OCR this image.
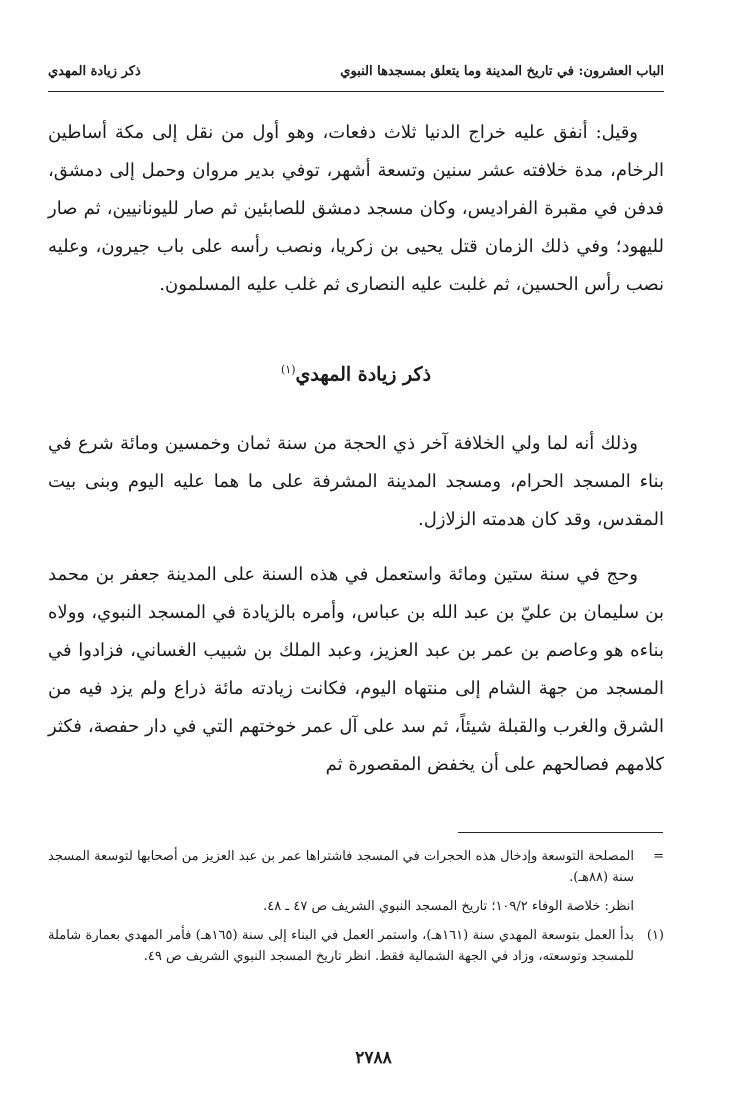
الباب العشرون: في تاريخ المدينة وما يتعلق بمسجدها النبوي
ذكر زيادة المهدي

وقيل: أنفق عليه خراج الدنيا ثلاث دفعات، وهو أول من نقل إلى مكة أساطين الرخام، مدة خلافته عشر سنين وتسعة أشهر، توفي بدير مروان وحمل إلى دمشق، فدفن في مقبرة الفراديس، وكان مسجد دمشق للصابئين ثم صار لليونانيين، ثم صار لليهود؛ وفي ذلك الزمان قتل يحيى بن زكريا، ونصب رأسه على باب جيرون، وعليه نصب رأس الحسين، ثم غلبت عليه النصارى ثم غلب عليه المسلمون.

ذكر زيادة المهدي$^{(١)}$

وذلك أنه لما ولي الخلافة آخر ذي الحجة من سنة ثمان وخمسين ومائة شرع في بناء المسجد الحرام، ومسجد المدينة المشرفة على ما هما عليه اليوم وبنى بيت المقدس، وقد كان هدمته الزلازل.

وحج في سنة ستين ومائة واستعمل في هذه السنة على المدينة جعفر بن محمد بن سليمان بن عليّ بن عبد الله بن عباس، وأمره بالزيادة في المسجد النبوي، وولاه بناءه هو وعاصم بن عمر بن عبد العزيز، وعبد الملك بن شبيب الغساني، فزادوا في المسجد من جهة الشام إلى منتهاه اليوم، فكانت زيادته مائة ذراع ولم يزد فيه من الشرق والغرب والقبلة شيئاً، ثم سد على آل عمر خوختهم التي في دار حفصة، فكثر كلامهم فصالحهم على أن يخفض المقصورة ثم

=
المصلحة التوسعة وإدخال هذه الحجرات في المسجد فاشتراها عمر بن عبد العزيز من أصحابها لتوسعة المسجد سنة (٨٨هـ).
انظر: خلاصة الوفاء ١٠٩/٢؛ تاريخ المسجد النبوي الشريف ص ٤٧ ـ ٤٨.
(١)
بدأ العمل بتوسعة المهدي سنة (١٦١هـ)، واستمر العمل في البناء إلى سنة (١٦٥هـ) فأمر المهدي بعمارة شاملة للمسجد وتوسعته، وزاد في الجهة الشمالية فقط. انظر تاريخ المسجد النبوي الشريف ص ٤٩.
٢٧٨٨
